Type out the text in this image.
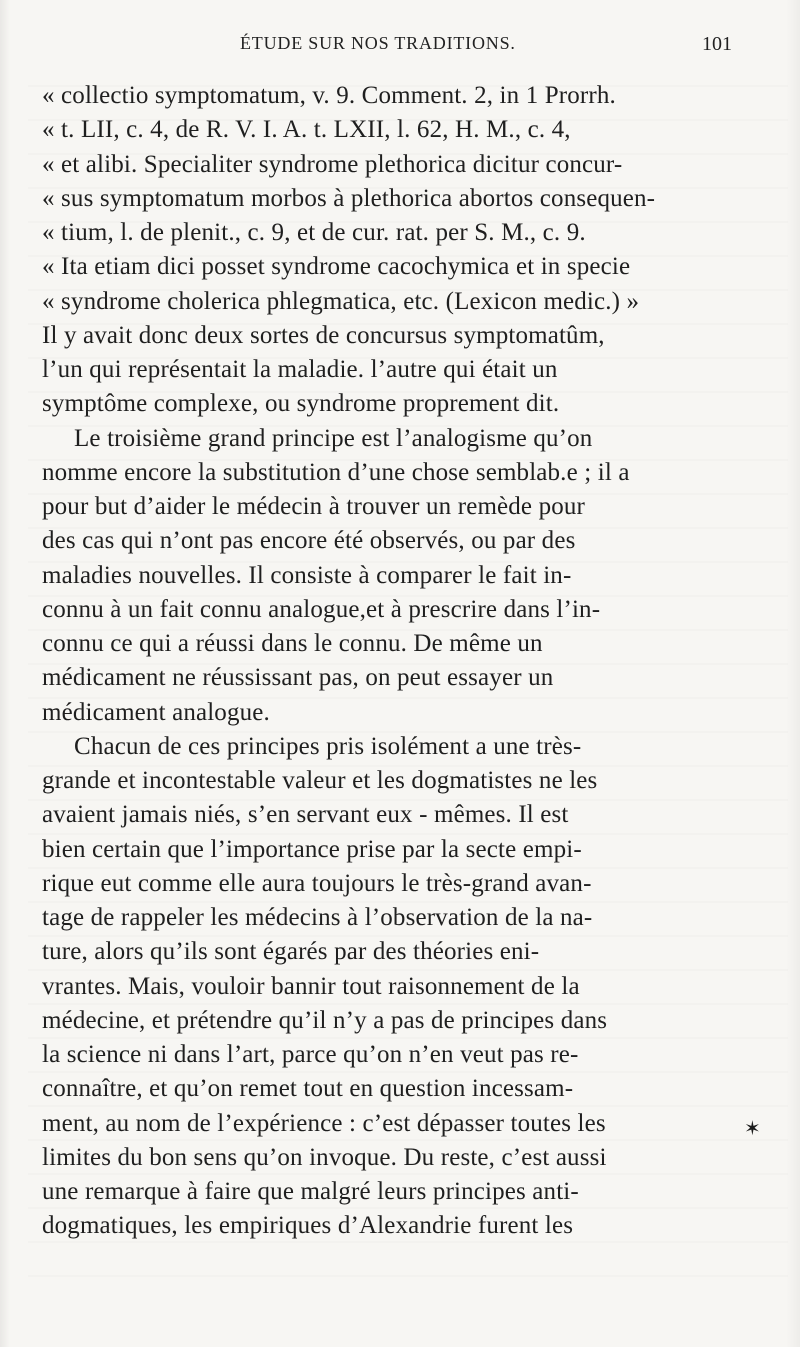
ÉTUDE SUR NOS TRADITIONS.	101
« collectio symptomatum, v. 9. Comment. 2, in 1 Prorrh.
« t. LII, c. 4, de R. V. I. A. t. LXII, l. 62, H. M., c. 4,
« et alibi. Specialiter syndrome plethorica dicitur concur-
« sus symptomatum morbos à plethorica abortos consequen-
« tium, l. de plenit., c. 9, et de cur. rat. per S. M., c. 9.
« Ita etiam dici posset syndrome cacochymica et in specie
« syndrome cholerica phlegmatica, etc. (Lexicon medic.) »
Il y avait donc deux sortes de concursus symptomatûm,
l’un qui représentait la maladie. l’autre qui était un
symptôme complexe, ou syndrome proprement dit.
Le troisième grand principe est l’analogisme qu’on
nomme encore la substitution d’une chose semblab.e ; il a
pour but d’aider le médecin à trouver un remède pour
des cas qui n’ont pas encore été observés, ou par des
maladies nouvelles. Il consiste à comparer le fait in-
connu à un fait connu analogue,et à prescrire dans l’in-
connu ce qui a réussi dans le connu. De même un
médicament ne réussissant pas, on peut essayer un
médicament analogue.
Chacun de ces principes pris isolément a une très-
grande et incontestable valeur et les dogmatistes ne les
avaient jamais niés, s’en servant eux - mêmes. Il est
bien certain que l’importance prise par la secte empi-
rique eut comme elle aura toujours le très-grand avan-
tage de rappeler les médecins à l’observation de la na-
ture, alors qu’ils sont égarés par des théories eni-
vrantes. Mais, vouloir bannir tout raisonnement de la
médecine, et prétendre qu’il n’y a pas de principes dans
la science ni dans l’art, parce qu’on n’en veut pas re-
connaître, et qu’on remet tout en question incessam-
ment, au nom de l’expérience : c’est dépasser toutes les
limites du bon sens qu’on invoque. Du reste, c’est aussi
une remarque à faire que malgré leurs principes anti-
dogmatiques, les empiriques d’Alexandrie furent les
✶
